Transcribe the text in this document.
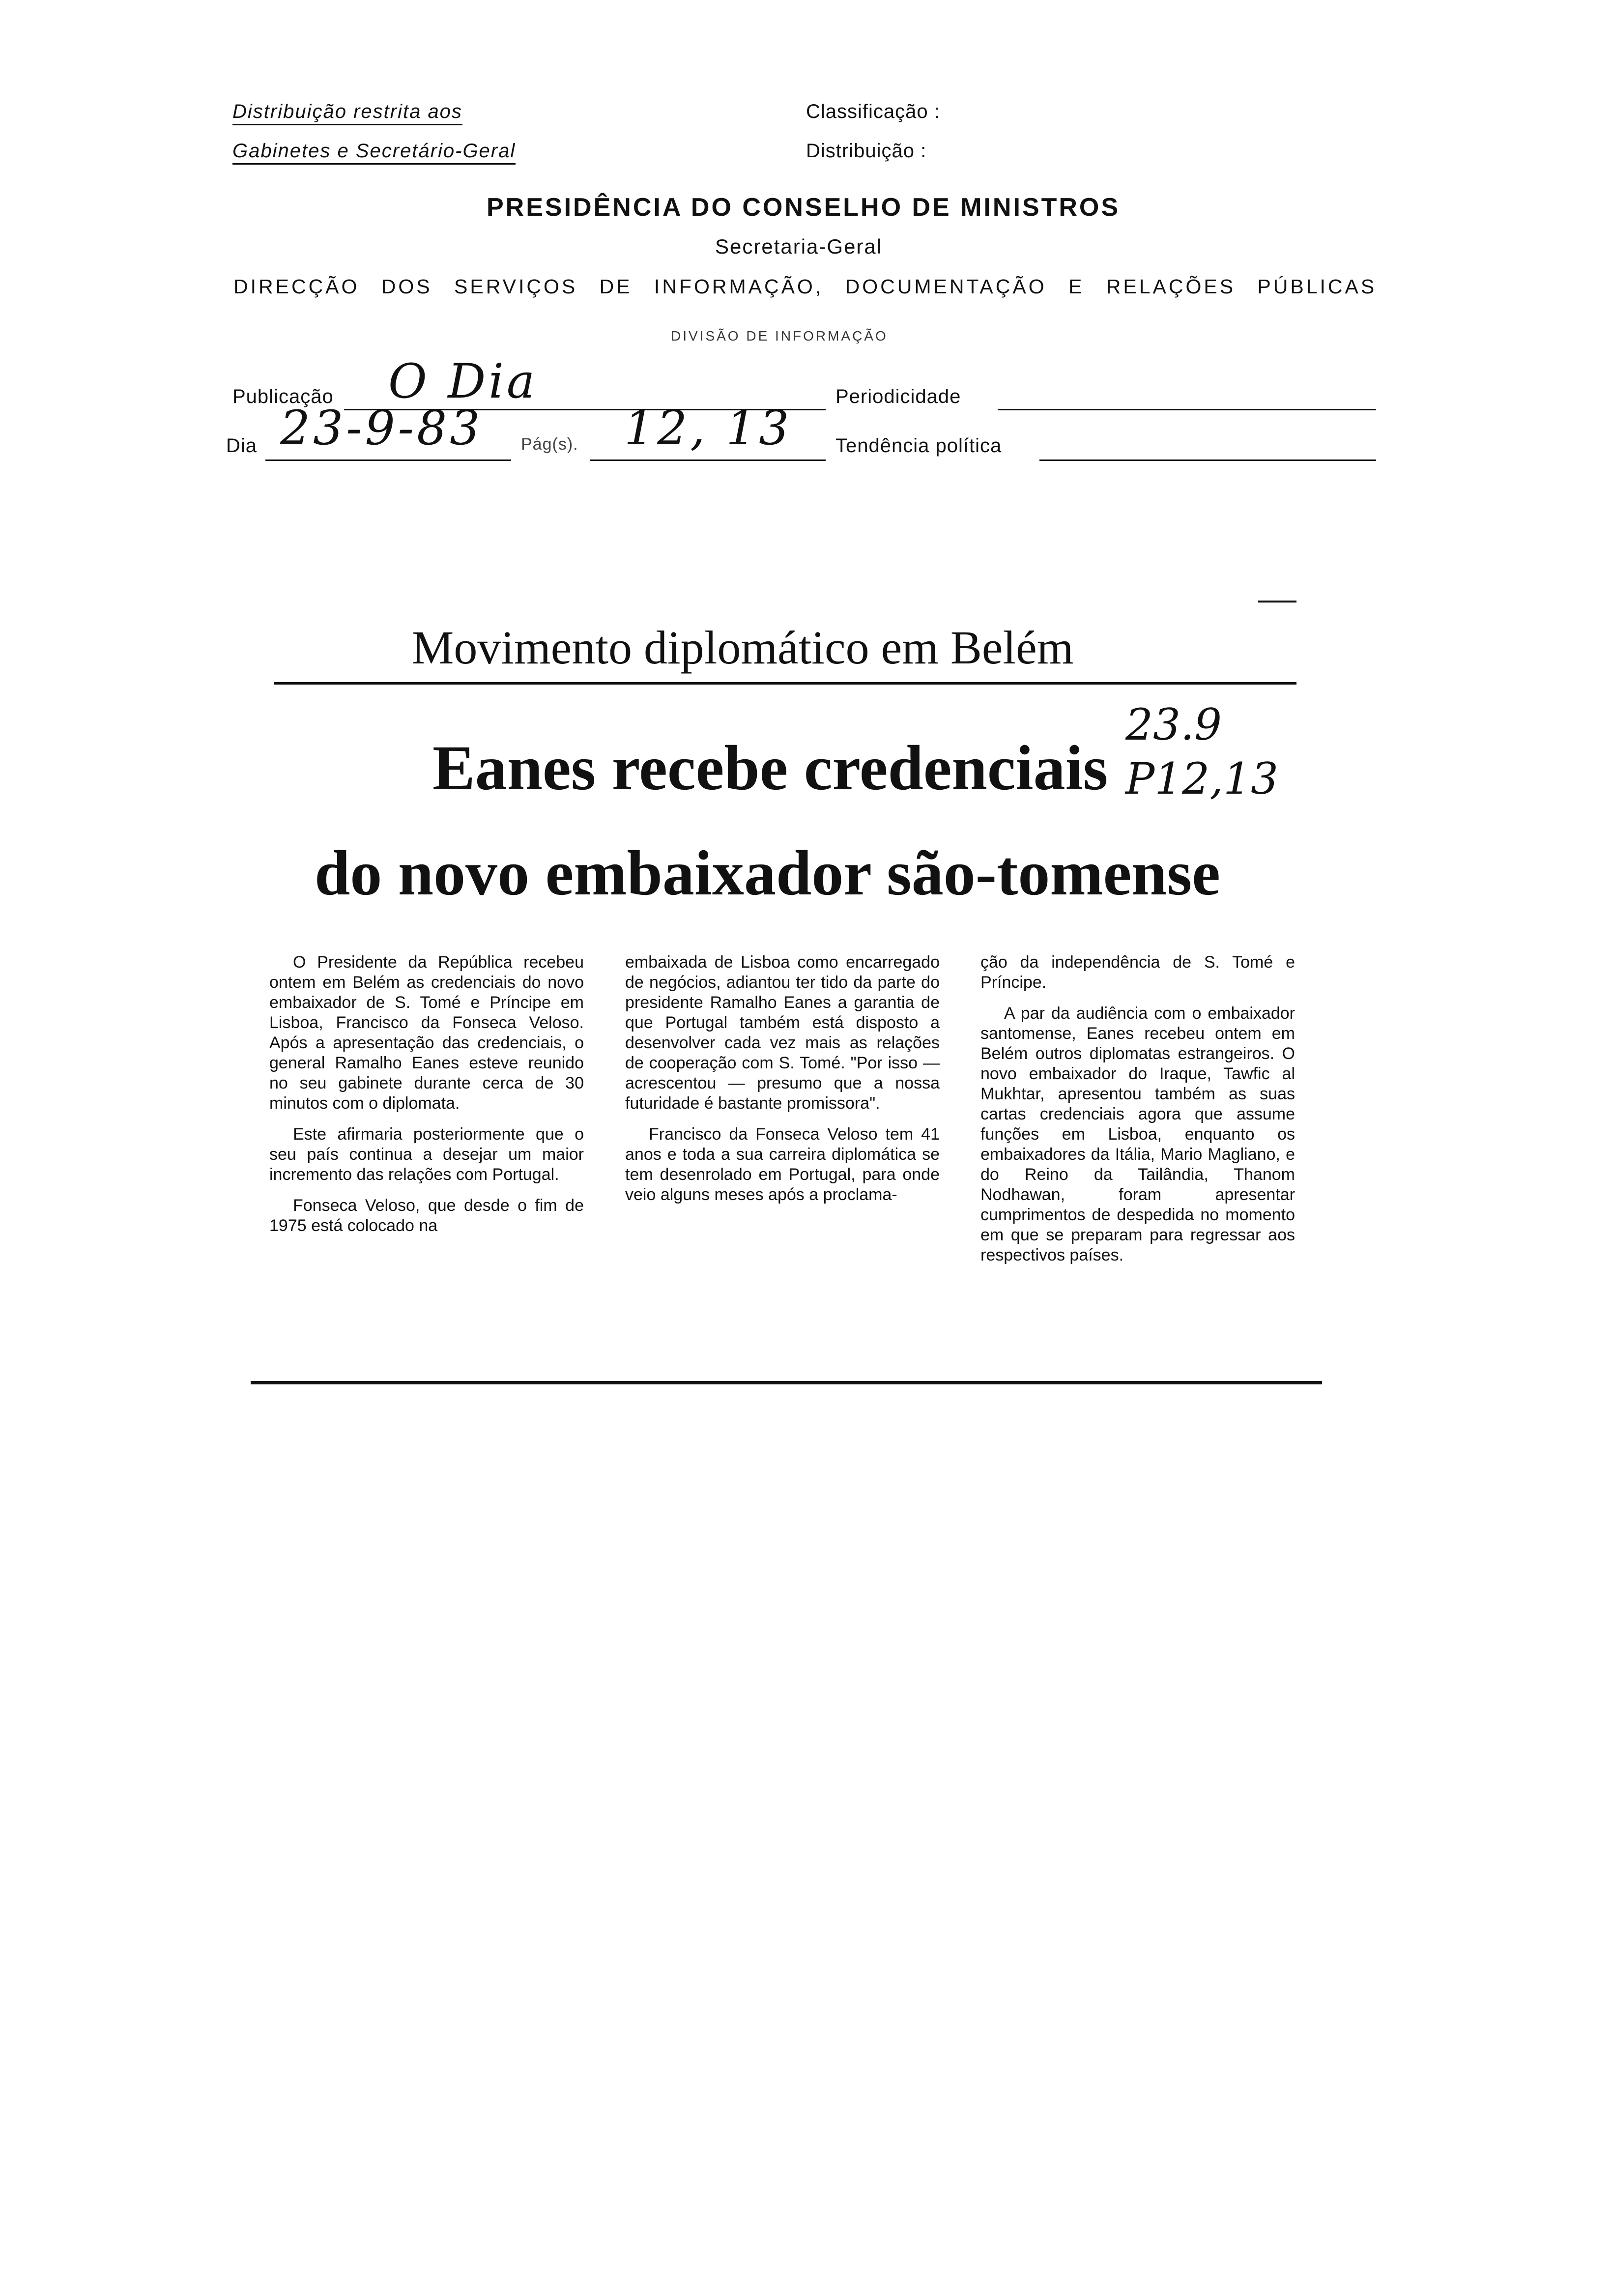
Distribuição restrita aos
Gabinetes e Secretário-Geral
Classificação :
Distribuição :
PRESIDÊNCIA DO CONSELHO DE MINISTROS
Secretaria-Geral
DIRECÇÃO DOS SERVIÇOS DE INFORMAÇÃO, DOCUMENTAÇÃO E RELAÇÕES PÚBLICAS
DIVISÃO DE INFORMAÇÃO
Publicação O Dia	Periodicidade
Dia 23-9-83 Pág(s). 12, 13 Tendência política
Movimento diplomático em Belém
Eanes recebe credenciais
23.9 P12,13
do novo embaixador são-tomense

O Presidente da República recebeu ontem em Belém as credenciais do novo embaixador de S. Tomé e Príncipe em Lisboa, Francisco da Fonseca Veloso. Após a apresentação das credenciais, o general Ramalho Eanes esteve reunido no seu gabinete durante cerca de 30 minutos com o diplomata.

Este afirmaria posteriormente que o seu país continua a desejar um maior incremento das relações com Portugal.

Fonseca Veloso, que desde o fim de 1975 está colocado na

embaixada de Lisboa como encarregado de negócios, adiantou ter tido da parte do presidente Ramalho Eanes a garantia de que Portugal também está disposto a desenvolver cada vez mais as relações de cooperação com S. Tomé. "Por isso — acrescentou — presumo que a nossa futuridade é bastante promissora".

Francisco da Fonseca Veloso tem 41 anos e toda a sua carreira diplomática se tem desenrolado em Portugal, para onde veio alguns meses após a proclama-

ção da independência de S. Tomé e Príncipe.

A par da audiência com o embaixador santomense, Eanes recebeu ontem em Belém outros diplomatas estrangeiros. O novo embaixador do Iraque, Tawfic al Mukhtar, apresentou também as suas cartas credenciais agora que assume funções em Lisboa, enquanto os embaixadores da Itália, Mario Magliano, e do Reino da Tailândia, Thanom Nodhawan, foram apresentar cumprimentos de despedida no momento em que se preparam para regressar aos respectivos países.
